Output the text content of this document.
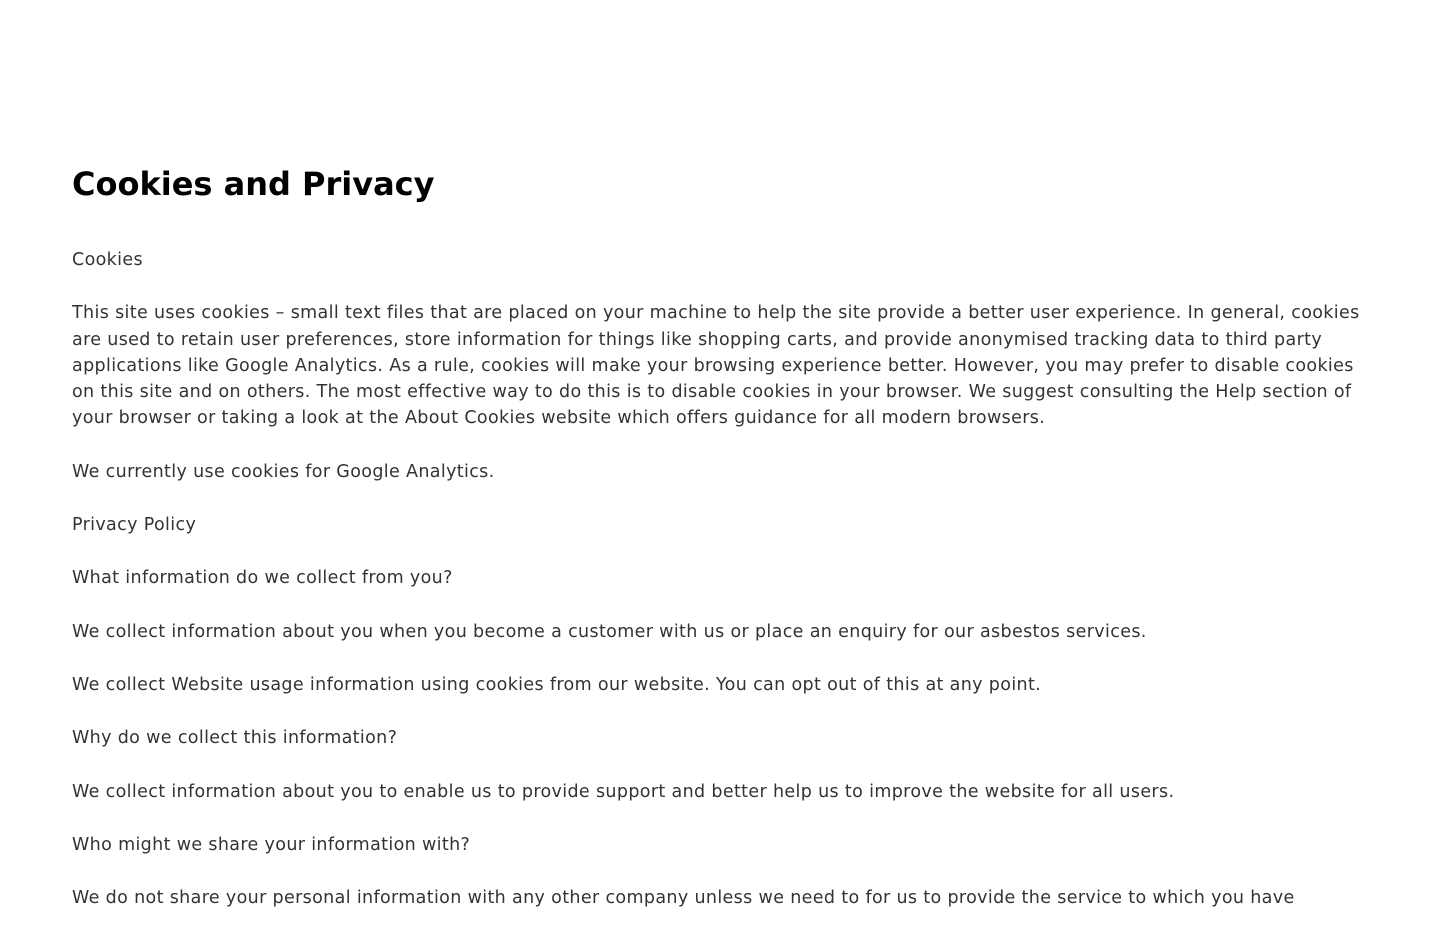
Cookies and Privacy

Cookies

This site uses cookies – small text files that are placed on your machine to help the site provide a better user experience. In general, cookies are used to retain user preferences, store information for things like shopping carts, and provide anonymised tracking data to third party applications like Google Analytics. As a rule, cookies will make your browsing experience better. However, you may prefer to disable cookies on this site and on others. The most effective way to do this is to disable cookies in your browser. We suggest consulting the Help section of your browser or taking a look at the About Cookies website which offers guidance for all modern browsers.

We currently use cookies for Google Analytics.

Privacy Policy

What information do we collect from you?

We collect information about you when you become a customer with us or place an enquiry for our asbestos services.

We collect Website usage information using cookies from our website. You can opt out of this at any point.

Why do we collect this information?

We collect information about you to enable us to provide support and better help us to improve the website for all users.

Who might we share your information with?

We do not share your personal information with any other company unless we need to for us to provide the service to which you have
